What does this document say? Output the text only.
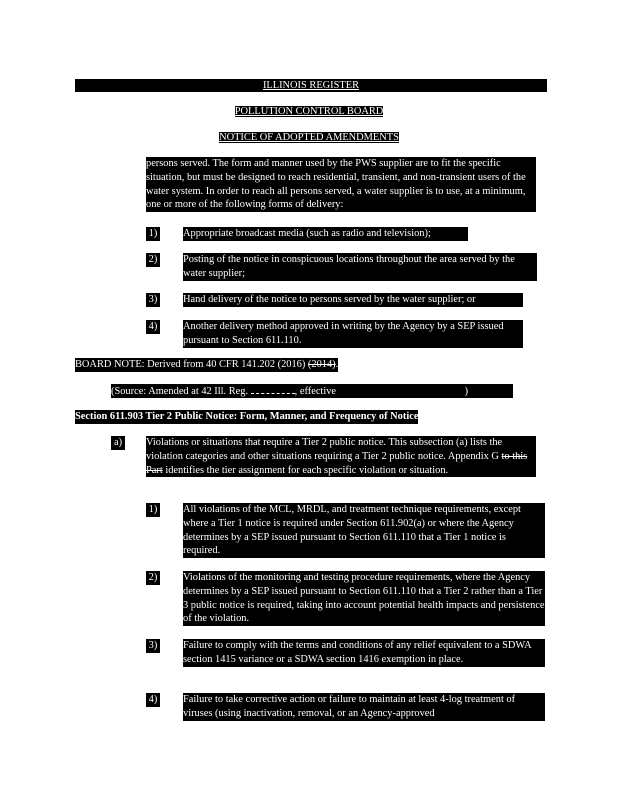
ILLINOIS REGISTER
POLLUTION CONTROL BOARD
NOTICE OF ADOPTED AMENDMENTS
persons served. The form and manner used by the PWS supplier are to fit the specific situation, but must be designed to reach residential, transient, and non-transient users of the water system. In order to reach all persons served, a water supplier is to use, at a minimum, one or more of the following forms of delivery:
1) Appropriate broadcast media (such as radio and television);
2) Posting of the notice in conspicuous locations throughout the area served by the water supplier;
3) Hand delivery of the notice to persons served by the water supplier; or
4) Another delivery method approved in writing by the Agency by a SEP issued pursuant to Section 611.110.
BOARD NOTE: Derived from 40 CFR 141.202 (2016) (2014).
(Source: Amended at 42 Ill. Reg.	, effective	)
Section 611.903 Tier 2 Public Notice: Form, Manner, and Frequency of Notice
a) Violations or situations that require a Tier 2 public notice. This subsection (a) lists the violation categories and other situations requiring a Tier 2 public notice. Appendix G to this Part identifies the tier assignment for each specific violation or situation.
1) All violations of the MCL, MRDL, and treatment technique requirements, except where a Tier 1 notice is required under Section 611.902(a) or where the Agency determines by a SEP issued pursuant to Section 611.110 that a Tier 1 notice is required.
2) Violations of the monitoring and testing procedure requirements, where the Agency determines by a SEP issued pursuant to Section 611.110 that a Tier 2 rather than a Tier 3 public notice is required, taking into account potential health impacts and persistence of the violation.
3) Failure to comply with the terms and conditions of any relief equivalent to a SDWA section 1415 variance or a SDWA section 1416 exemption in place.
4) Failure to take corrective action or failure to maintain at least 4-log treatment of viruses (using inactivation, removal, or an Agency-approved
